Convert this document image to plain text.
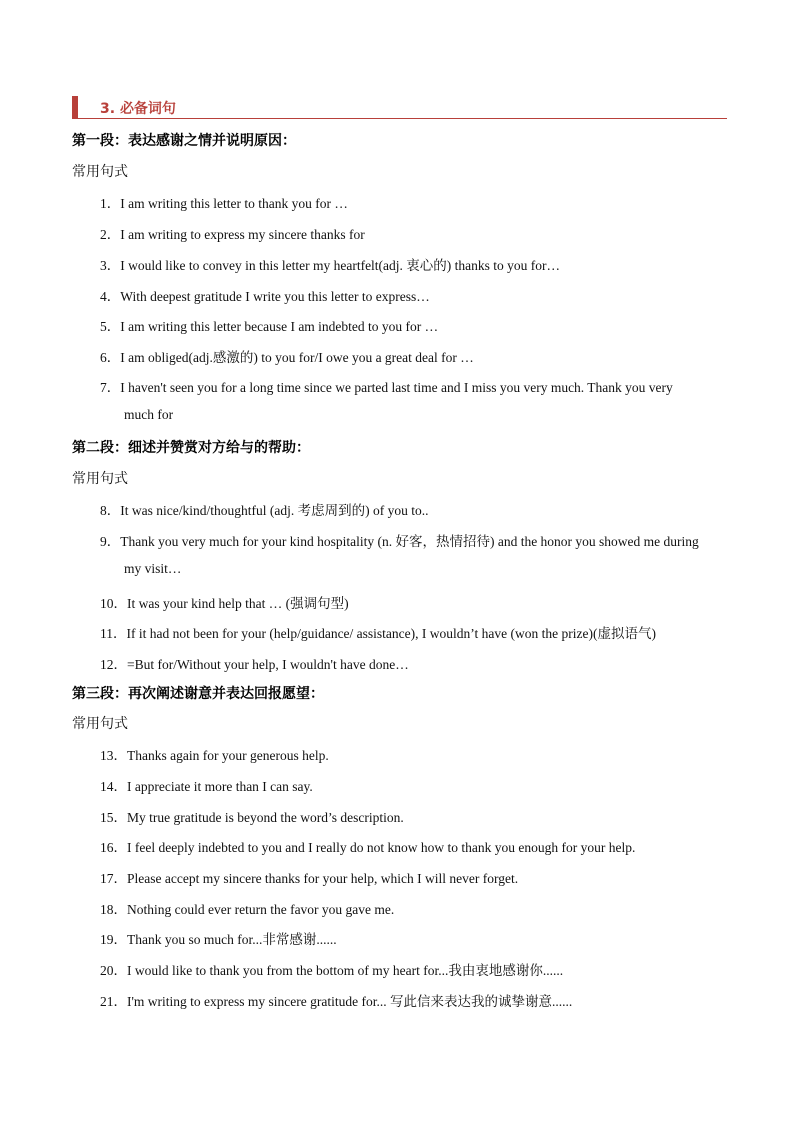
3. 必备词句
第一段：表达感谢之情并说明原因：
常用句式
1．I am writing this letter to thank you for …
2．I am writing to express my sincere thanks for
3．I would like to convey in this letter my heartfelt(adj. 衷心的) thanks to you for…
4．With deepest gratitude I write you this letter to express…
5．I am writing this letter because I am indebted to you for …
6．I am obliged(adj.感激的) to you for/I owe you a great deal for …
7．I haven't seen you for a long time since we parted last time and I miss you very much. Thank you very
much for
第二段：细述并赞赏对方给与的帮助：
常用句式
8．It was nice/kind/thoughtful (adj. 考虑周到的) of you to..
9．Thank you very much for your kind hospitality (n. 好客，热情招待) and the honor you showed me during
my visit…
10．It was your kind help that … (强调句型)
11．If it had not been for your (help/guidance/ assistance), I wouldn’t have (won the prize)(虚拟语气)
12．=But for/Without your help, I wouldn't have done…
第三段：再次阐述谢意并表达回报愿望：
常用句式
13．Thanks again for your generous help.
14．I appreciate it more than I can say.
15．My true gratitude is beyond the word’s description.
16．I feel deeply indebted to you and I really do not know how to thank you enough for your help.
17．Please accept my sincere thanks for your help, which I will never forget.
18．Nothing could ever return the favor you gave me.
19．Thank you so much for...非常感谢......
20．I would like to thank you from the bottom of my heart for...我由衷地感谢你......
21．I'm writing to express my sincere gratitude for... 写此信来表达我的诚挚谢意......
